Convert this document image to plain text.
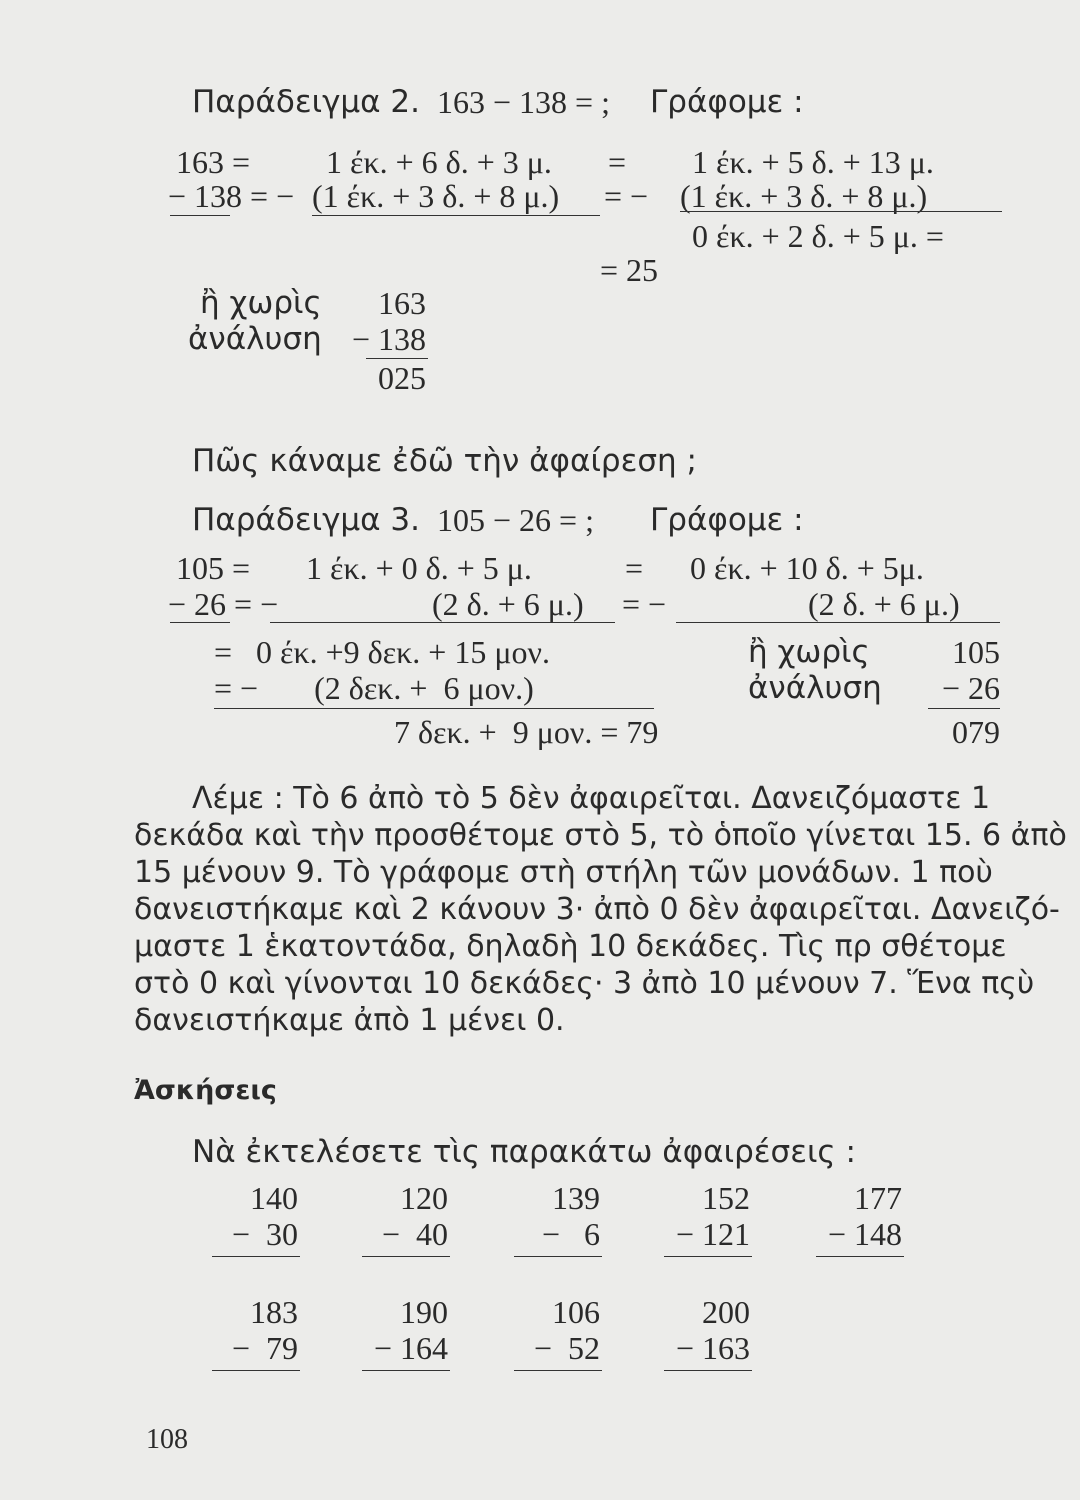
Παράδειγμα 2. 163 − 138 = ; Γράφομε :
163 = 1 έκ. + 6 δ. + 3 μ. = 1 έκ. + 5 δ. + 13 μ.
− 138 = − (1 έκ. + 3 δ. + 8 μ.) = − (1 έκ. + 3 δ. + 8 μ.)
0 έκ. + 2 δ. + 5 μ. =
= 25
ἢ χωρὶς
ἀνάλυση
163
− 138
025
Πῶς κάναμε ἐδῶ τὴν ἀφαίρεση ;
Παράδειγμα 3. 105 − 26 = ; Γράφομε :
105 = 1 έκ. + 0 δ. + 5 μ.	= 0 έκ. + 10 δ. + 5μ.
− 26 = −	(2 δ. + 6 μ.) = −	(2 δ. + 6 μ.)
=   0 έκ. +9 δεκ. + 15 μον.
= −       (2 δεκ. +  6 μον.)
7 δεκ. +  9 μον. = 79
ἢ χωρὶς
ἀνάλυση
105
− 26
079
Λέμε : Τὸ 6 ἀπὸ τὸ 5 δὲν ἀφαιρεῖται. Δανειζόμαστε 1
δεκάδα καὶ τὴν προσθέτομε στὸ 5, τὸ ὁποῖο γίνεται 15. 6 ἀπὸ
15 μένουν 9. Τὸ γράφομε στὴ στήλη τῶν μονάδων. 1 πoὺ
δανειστήκαμε καὶ 2 κάνουν 3· ἀπὸ 0 δὲν ἀφαιρεῖται. Δανειζό-
μαστε 1 ἑκατοντάδα, δηλαδὴ 10 δεκάδες. Τὶς πρ σθέτομε
στὸ 0 καὶ γίνονται 10 δεκάδες· 3 ἀπὸ 10 μένουν 7. Ἕνα πςὺ
δανειστήκαμε ἀπὸ 1 μένει 0.
Ἀσκήσεις
Νὰ ἐκτελέσετε τὶς παρακάτω ἀφαιρέσεις :
140
−  30
120
−  40
139
−   6
152
− 121
177
− 148
183
−  79
190
− 164
106
−  52
200
− 163
108
